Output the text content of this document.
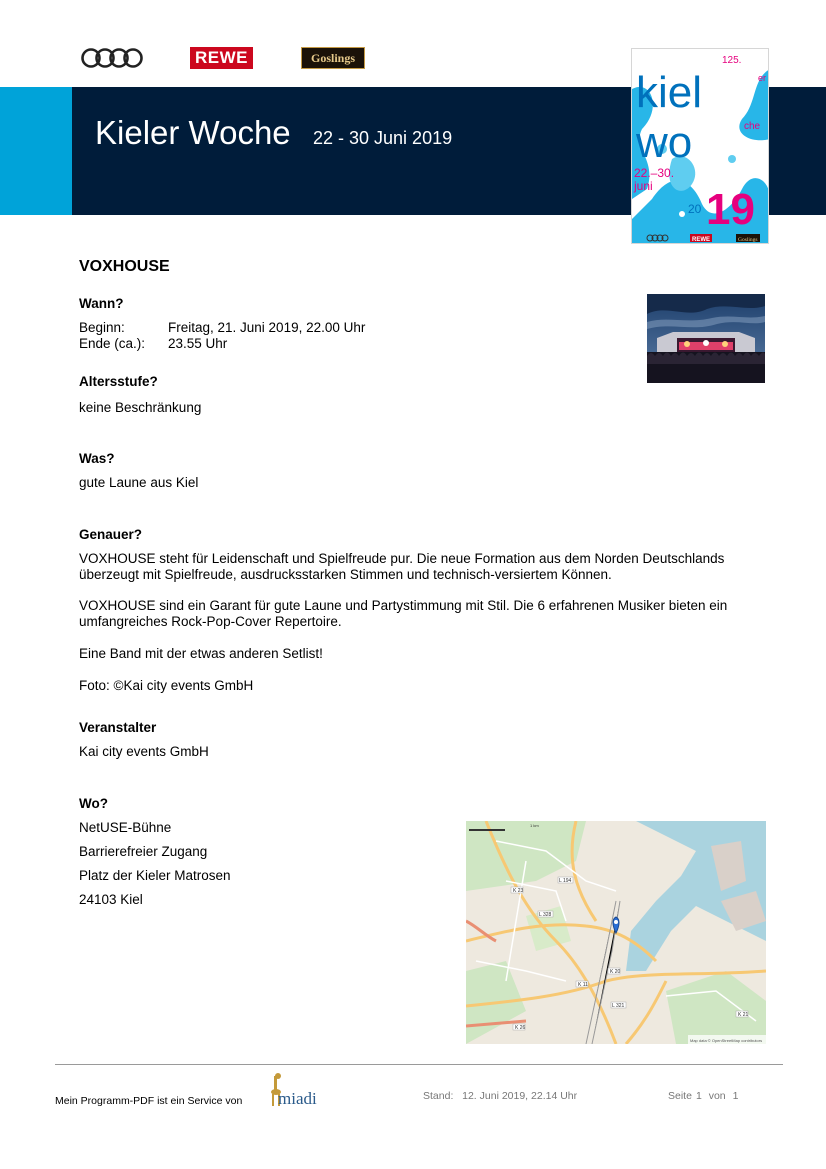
REWE	Goslings
Kieler Woche 22 - 30 Juni 2019
125.
kiel
wo
er
che
22.–30.
juni
20 19
REWE	Goslings
VOXHOUSE
Wann?
Beginn:	Freitag, 21. Juni 2019, 22.00 Uhr
Ende (ca.): 23.55 Uhr
Altersstufe?
keine Beschränkung
Was?
gute Laune aus Kiel
Genauer?
VOXHOUSE steht für Leidenschaft und Spielfreude pur. Die neue Formation aus dem Norden Deutschlands überzeugt mit Spielfreude, ausdrucksstarken Stimmen und technisch-versiertem Können.
VOXHOUSE sind ein Garant für gute Laune und Partystimmung mit Stil. Die 6 erfahrenen Musiker bieten ein umfangreiches Rock-Pop-Cover Repertoire.
Eine Band mit der etwas anderen Setlist!
Foto: ©Kai city events GmbH
Veranstalter
Kai city events GmbH
Wo?
NetUSE-Bühne
Barrierefreier Zugang
Platz der Kieler Matrosen
24103 Kiel
K 23
L 194
L 328
K 20
K 11
L 321
K 26
K 21
1 km
Map data © OpenStreetMap contributors
Mein Programm-PDF ist ein Service von miadi	Stand: 12. Juni 2019, 22.14 Uhr	Seite 1 von 1
